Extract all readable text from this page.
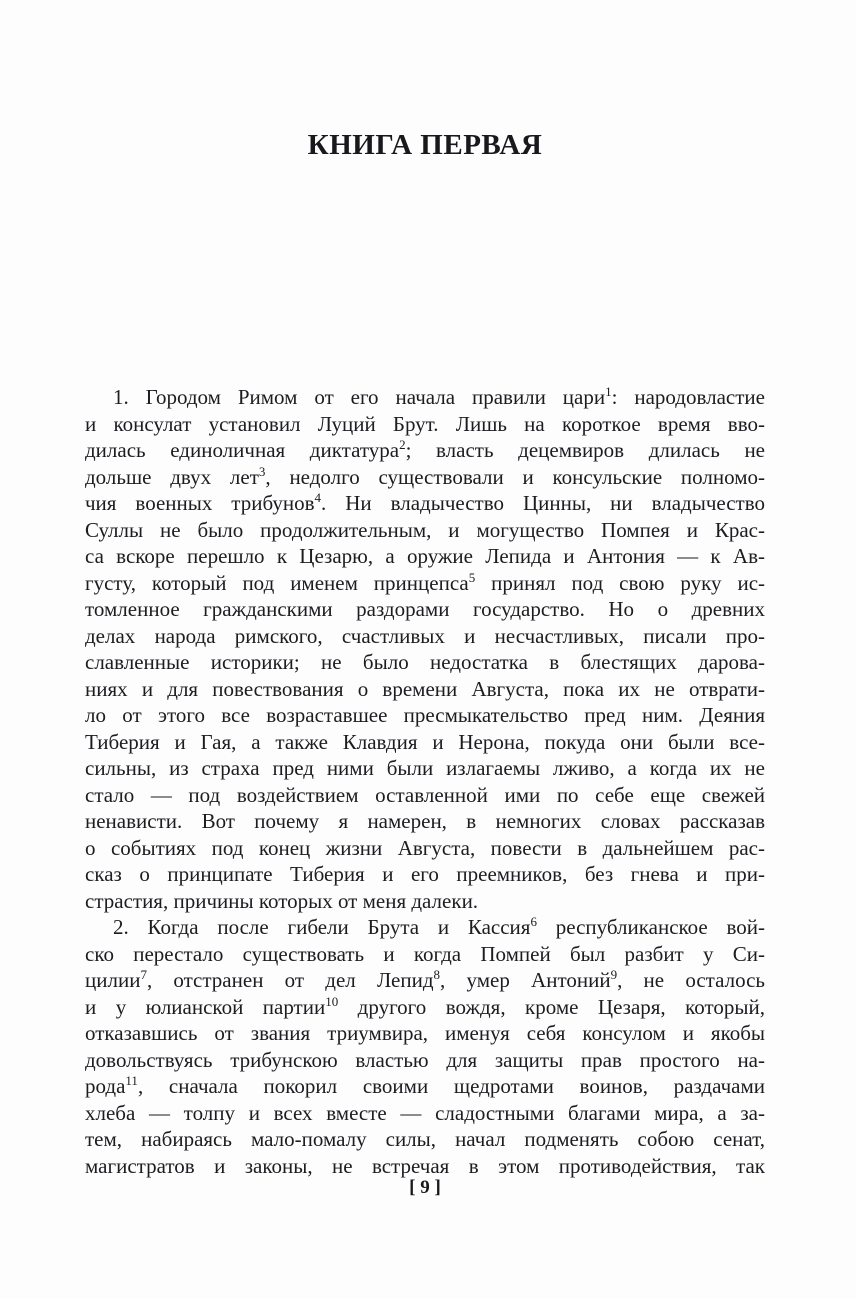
КНИГА ПЕРВАЯ
1. Городом Римом от его начала правили цари$^1$: народовластие
и консулат установил Луций Брут. Лишь на короткое время вво-
дилась единоличная диктатура$^2$; власть децемвиров длилась не
дольше двух лет$^3$, недолго существовали и консульские полномо-
чия военных трибунов$^4$. Ни владычество Цинны, ни владычество
Суллы не было продолжительным, и могущество Помпея и Крас-
са вскоре перешло к Цезарю, а оружие Лепида и Антония — к Ав-
густу, который под именем принцепса$^5$ принял под свою руку ис-
томленное гражданскими раздорами государство. Но о древних
делах народа римского, счастливых и несчастливых, писали про-
славленные историки; не было недостатка в блестящих дарова-
ниях и для повествования о времени Августа, пока их не отврати-
ло от этого все возраставшее пресмыкательство пред ним. Деяния
Тиберия и Гая, а также Клавдия и Нерона, покуда они были все-
сильны, из страха пред ними были излагаемы лживо, а когда их не
стало — под воздействием оставленной ими по себе еще свежей
ненависти. Вот почему я намерен, в немногих словах рассказав
о событиях под конец жизни Августа, повести в дальнейшем рас-
сказ о принципате Тиберия и его преемников, без гнева и при-
страстия, причины которых от меня далеки.
2. Когда после гибели Брута и Кассия$^6$ республиканское вой-
ско перестало существовать и когда Помпей был разбит у Си-
цилии$^7$, отстранен от дел Лепид$^8$, умер Антоний$^9$, не осталось
и у юлианской партии$^{10}$ другого вождя, кроме Цезаря, который,
отказавшись от звания триумвира, именуя себя консулом и якобы
довольствуясь трибунскою властью для защиты прав простого на-
рода$^{11}$, сначала покорил своими щедротами воинов, раздачами
хлеба — толпу и всех вместе — сладостными благами мира, а за-
тем, набираясь мало-помалу силы, начал подменять собою сенат,
магистратов и законы, не встречая в этом противодействия, так
[ 9 ]
